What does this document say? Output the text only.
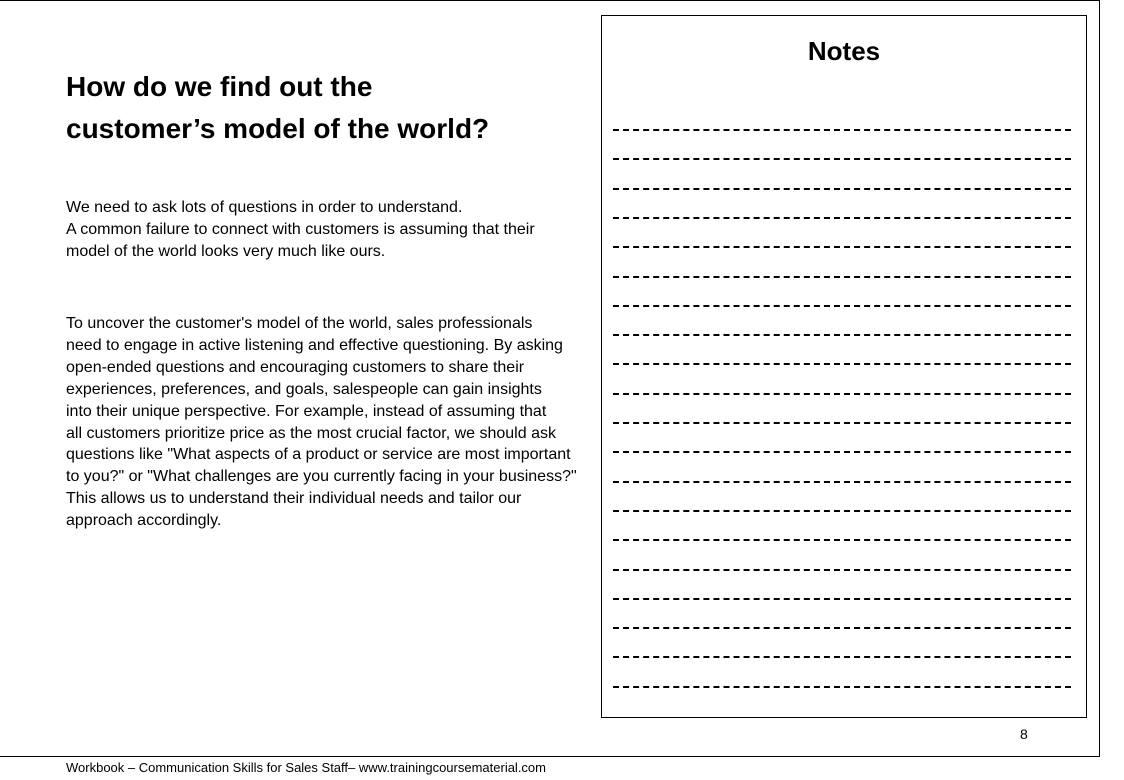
How do we find out the
customer’s model of the world?
We need to ask lots of questions in order to understand.
A common failure to connect with customers is assuming that their
model of the world looks very much like ours.
To uncover the customer's model of the world, sales professionals
need to engage in active listening and effective questioning. By asking
open-ended questions and encouraging customers to share their
experiences, preferences, and goals, salespeople can gain insights
into their unique perspective. For example, instead of assuming that
all customers prioritize price as the most crucial factor, we should ask
questions like "What aspects of a product or service are most important
to you?" or "What challenges are you currently facing in your business?"
This allows us to understand their individual needs and tailor our
approach accordingly.
Notes
8
Workbook – Communication Skills for Sales Staff– www.trainingcoursematerial.com
